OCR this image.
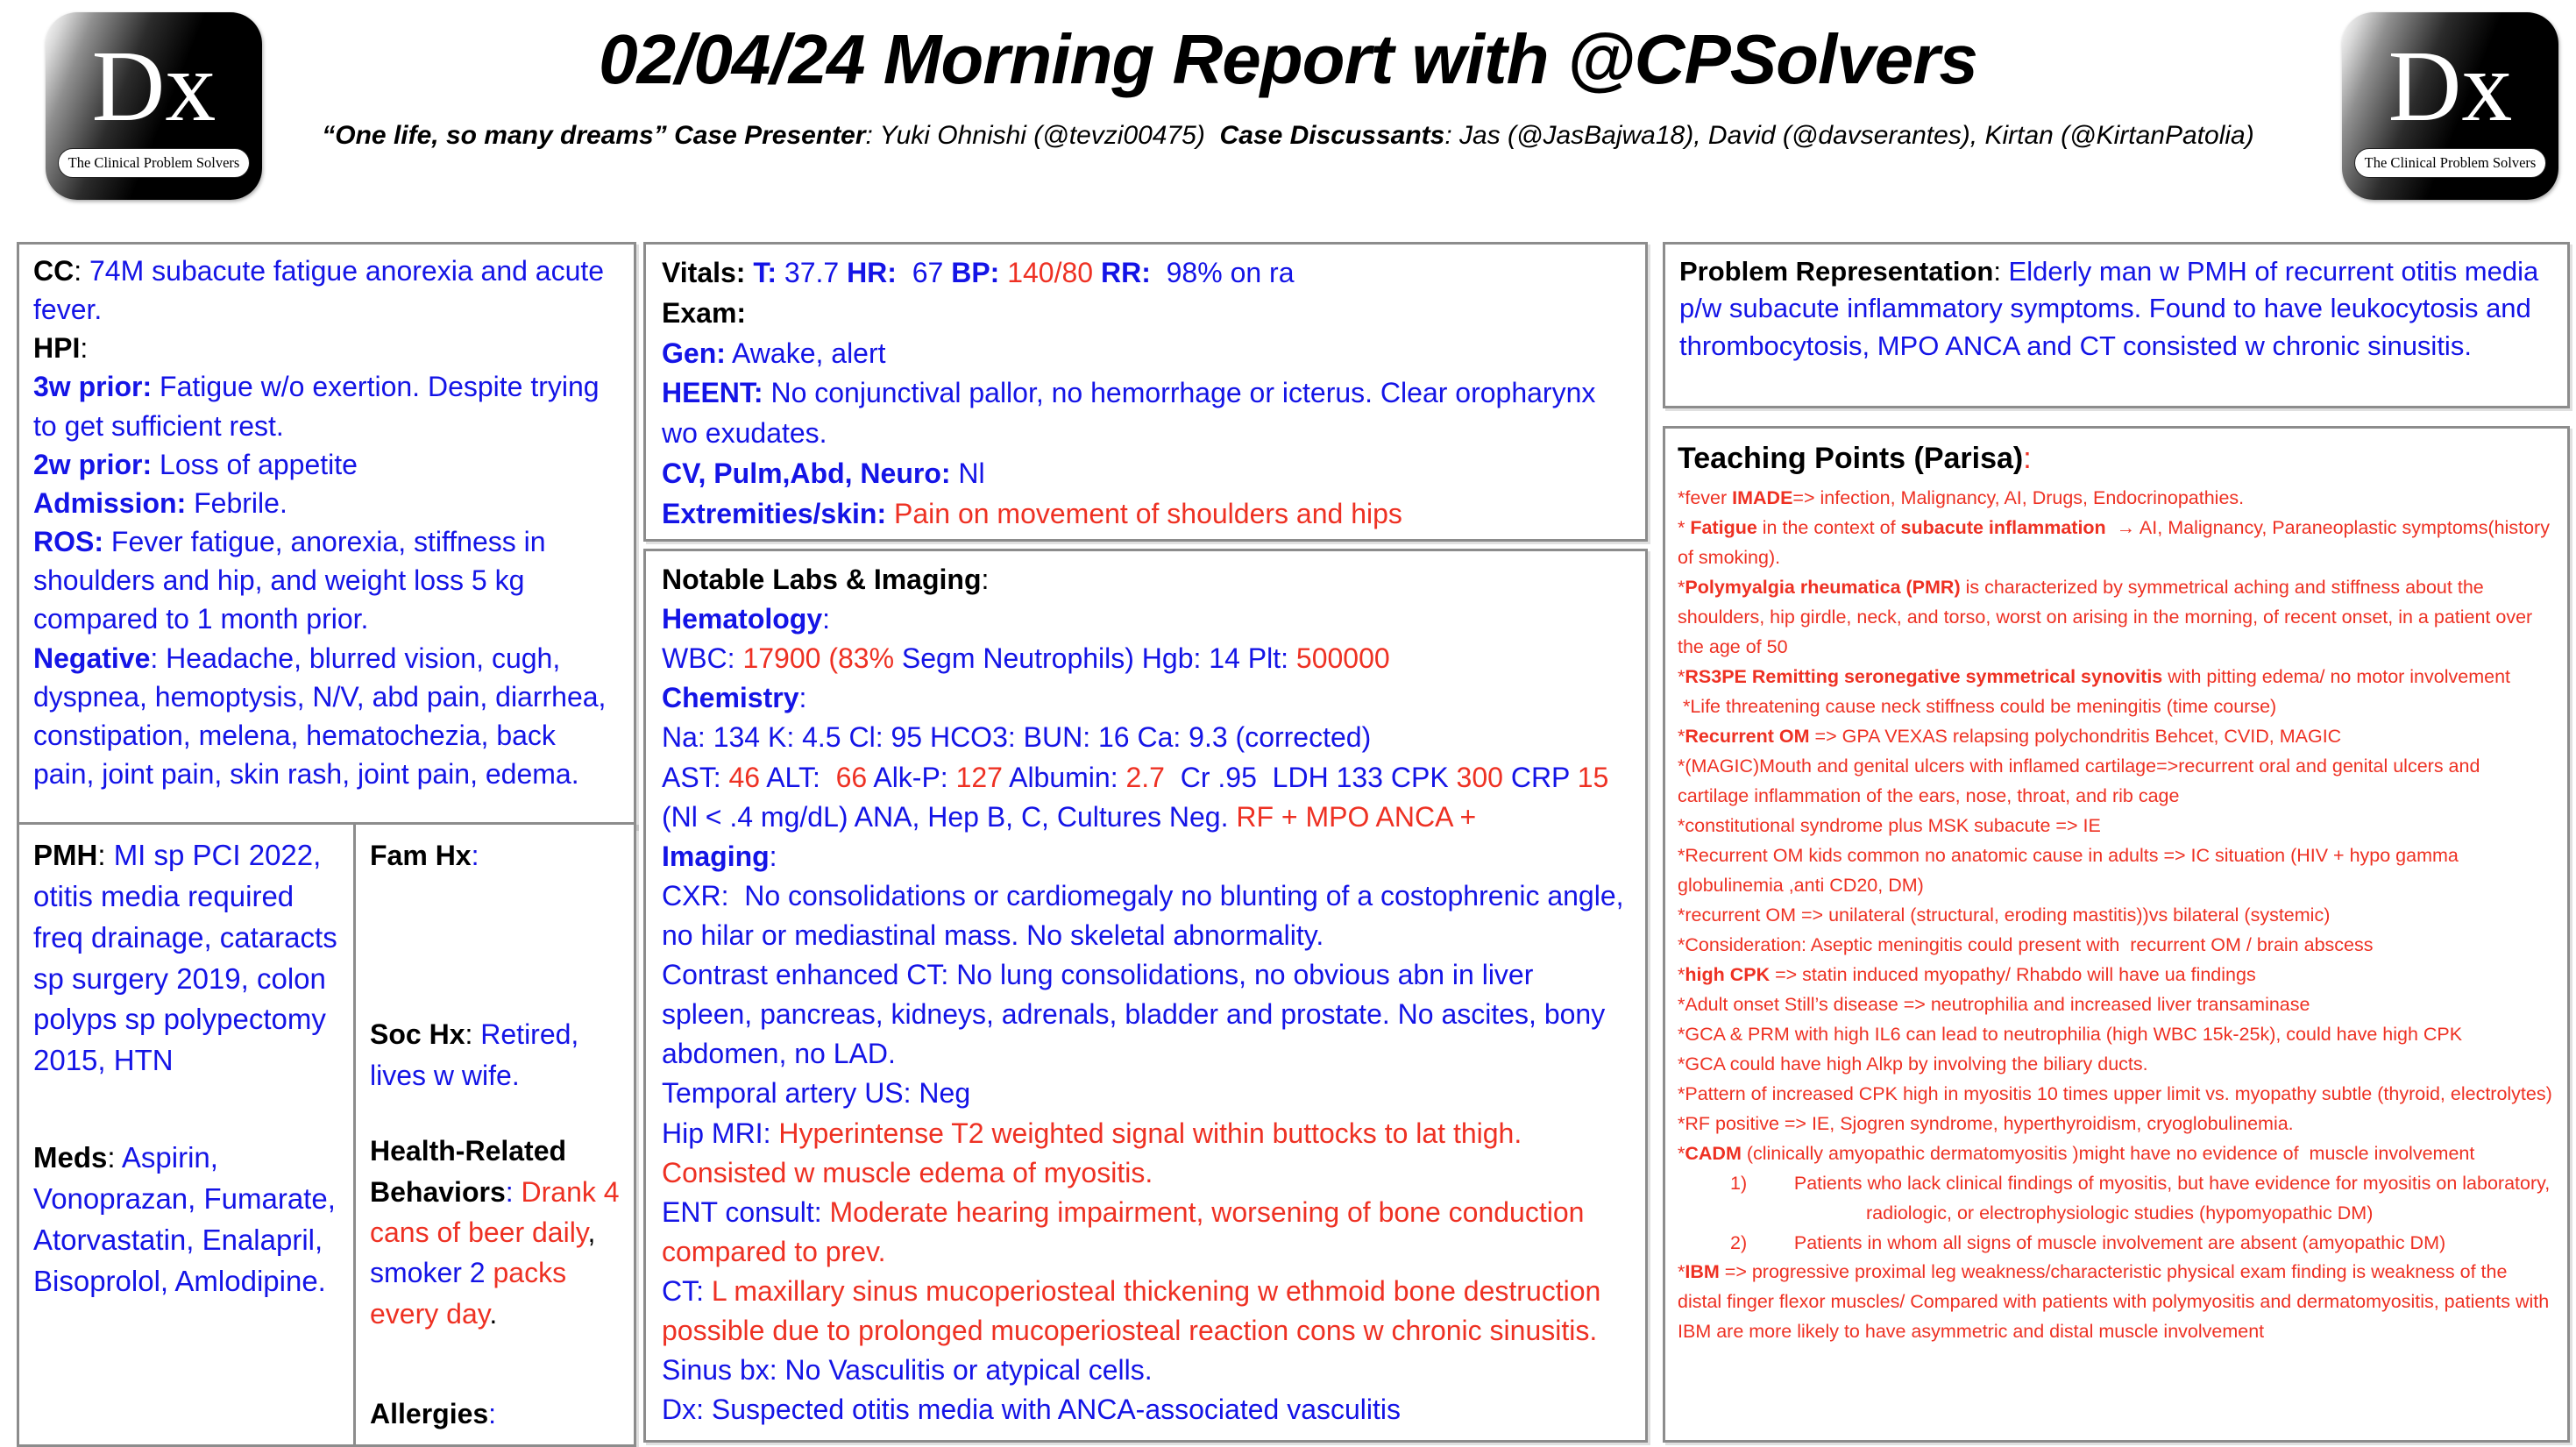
Dx
The Clinical Problem Solvers
Dx
The Clinical Problem Solvers
02/04/24 Morning Report with @CPSolvers
“One life, so many dreams” Case Presenter: Yuki Ohnishi (@tevzi00475)  Case Discussants: Jas (@JasBajwa18), David (@davserantes), Kirtan (@KirtanPatolia)
CC: 74M subacute fatigue anorexia and acute fever.
HPI:
3w prior: Fatigue w/o exertion. Despite trying to get sufficient rest.
2w prior: Loss of appetite
Admission: Febrile.
ROS: Fever fatigue, anorexia, stiffness in shoulders and hip, and weight loss 5 kg compared to 1 month prior.
Negative: Headache, blurred vision, cugh, dyspnea, hemoptysis, N/V, abd pain, diarrhea, constipation, melena, hematochezia, back pain, joint pain, skin rash, joint pain, edema.
PMH: MI sp PCI 2022, otitis media required freq drainage, cataracts sp surgery 2019, colon polyps sp polypectomy 2015, HTN
Meds: Aspirin, Vonoprazan, Fumarate, Atorvastatin, Enalapril, Bisoprolol, Amlodipine.
Fam Hx:
Soc Hx: Retired, lives w wife.
Health-Related Behaviors: Drank 4 cans of beer daily, smoker 2 packs every day.
Allergies:
Vitals: T: 37.7 HR:  67 BP: 140/80 RR:  98% on ra
Exam:
Gen: Awake, alert
HEENT: No conjunctival pallor, no hemorrhage or icterus. Clear oropharynx wo exudates.
CV, Pulm,Abd, Neuro: Nl
Extremities/skin: Pain on movement of shoulders and hips
Notable Labs & Imaging:
Hematology:
WBC: 17900 (83% Segm Neutrophils) Hgb: 14 Plt: 500000
Chemistry:
Na: 134 K: 4.5 Cl: 95 HCO3: BUN: 16 Ca: 9.3 (corrected)
AST: 46 ALT:  66 Alk-P: 127 Albumin: 2.7  Cr .95  LDH 133 CPK 300 CRP 15 (Nl < .4 mg/dL) ANA, Hep B, C, Cultures Neg. RF + MPO ANCA +
Imaging:
CXR:  No consolidations or cardiomegaly no blunting of a costophrenic angle, no hilar or mediastinal mass. No skeletal abnormality.
Contrast enhanced CT: No lung consolidations, no obvious abn in liver spleen, pancreas, kidneys, adrenals, bladder and prostate. No ascites, bony abdomen, no LAD.
Temporal artery US: Neg
Hip MRI: Hyperintense T2 weighted signal within buttocks to lat thigh. Consisted w muscle edema of myositis.
ENT consult: Moderate hearing impairment, worsening of bone conduction compared to prev.
CT: L maxillary sinus mucoperiosteal thickening w ethmoid bone destruction possible due to prolonged mucoperiosteal reaction cons w chronic sinusitis.
Sinus bx: No Vasculitis or atypical cells.
Dx: Suspected otitis media with ANCA-associated vasculitis
Problem Representation: Elderly man w PMH of recurrent otitis media p/w subacute inflammatory symptoms. Found to have leukocytosis and thrombocytosis, MPO ANCA and CT consisted w chronic sinusitis.
Teaching Points (Parisa):
*fever IMADE=> infection, Malignancy, AI, Drugs, Endocrinopathies.
* Fatigue in the context of subacute inflammation  → AI, Malignancy, Paraneoplastic symptoms(history of smoking).
*Polymyalgia rheumatica (PMR) is characterized by symmetrical aching and stiffness about the shoulders, hip girdle, neck, and torso, worst on arising in the morning, of recent onset, in a patient over the age of 50
*RS3PE Remitting seronegative symmetrical synovitis with pitting edema/ no motor involvement
*Life threatening cause neck stiffness could be meningitis (time course)
*Recurrent OM => GPA VEXAS relapsing polychondritis Behcet, CVID, MAGIC
*(MAGIC)Mouth and genital ulcers with inflamed cartilage=>recurrent oral and genital ulcers and cartilage inflammation of the ears, nose, throat, and rib cage
*constitutional syndrome plus MSK subacute => IE
*Recurrent OM kids common no anatomic cause in adults => IC situation (HIV + hypo gamma globulinemia ,anti CD20, DM)
*recurrent OM => unilateral (structural, eroding mastitis))vs bilateral (systemic)
*Consideration: Aseptic meningitis could present with  recurrent OM / brain abscess
*high CPK => statin induced myopathy/ Rhabdo will have ua findings
*Adult onset Still’s disease => neutrophilia and increased liver transaminase
*GCA & PRM with high IL6 can lead to neutrophilia (high WBC 15k-25k), could have high CPK
*GCA could have high Alkp by involving the biliary ducts.
*Pattern of increased CPK high in myositis 10 times upper limit vs. myopathy subtle (thyroid, electrolytes)
*RF positive => IE, Sjogren syndrome, hyperthyroidism, cryoglobulinemia.
*CADM (clinically amyopathic dermatomyositis )might have no evidence of  muscle involvement
1)   Patients who lack clinical findings of myositis, but have evidence for myositis on laboratory, radiologic, or electrophysiologic studies (hypomyopathic DM)
2)   Patients in whom all signs of muscle involvement are absent (amyopathic DM)
*IBM => progressive proximal leg weakness/characteristic physical exam finding is weakness of the distal finger flexor muscles/ Compared with patients with polymyositis and dermatomyositis, patients with IBM are more likely to have asymmetric and distal muscle involvement
